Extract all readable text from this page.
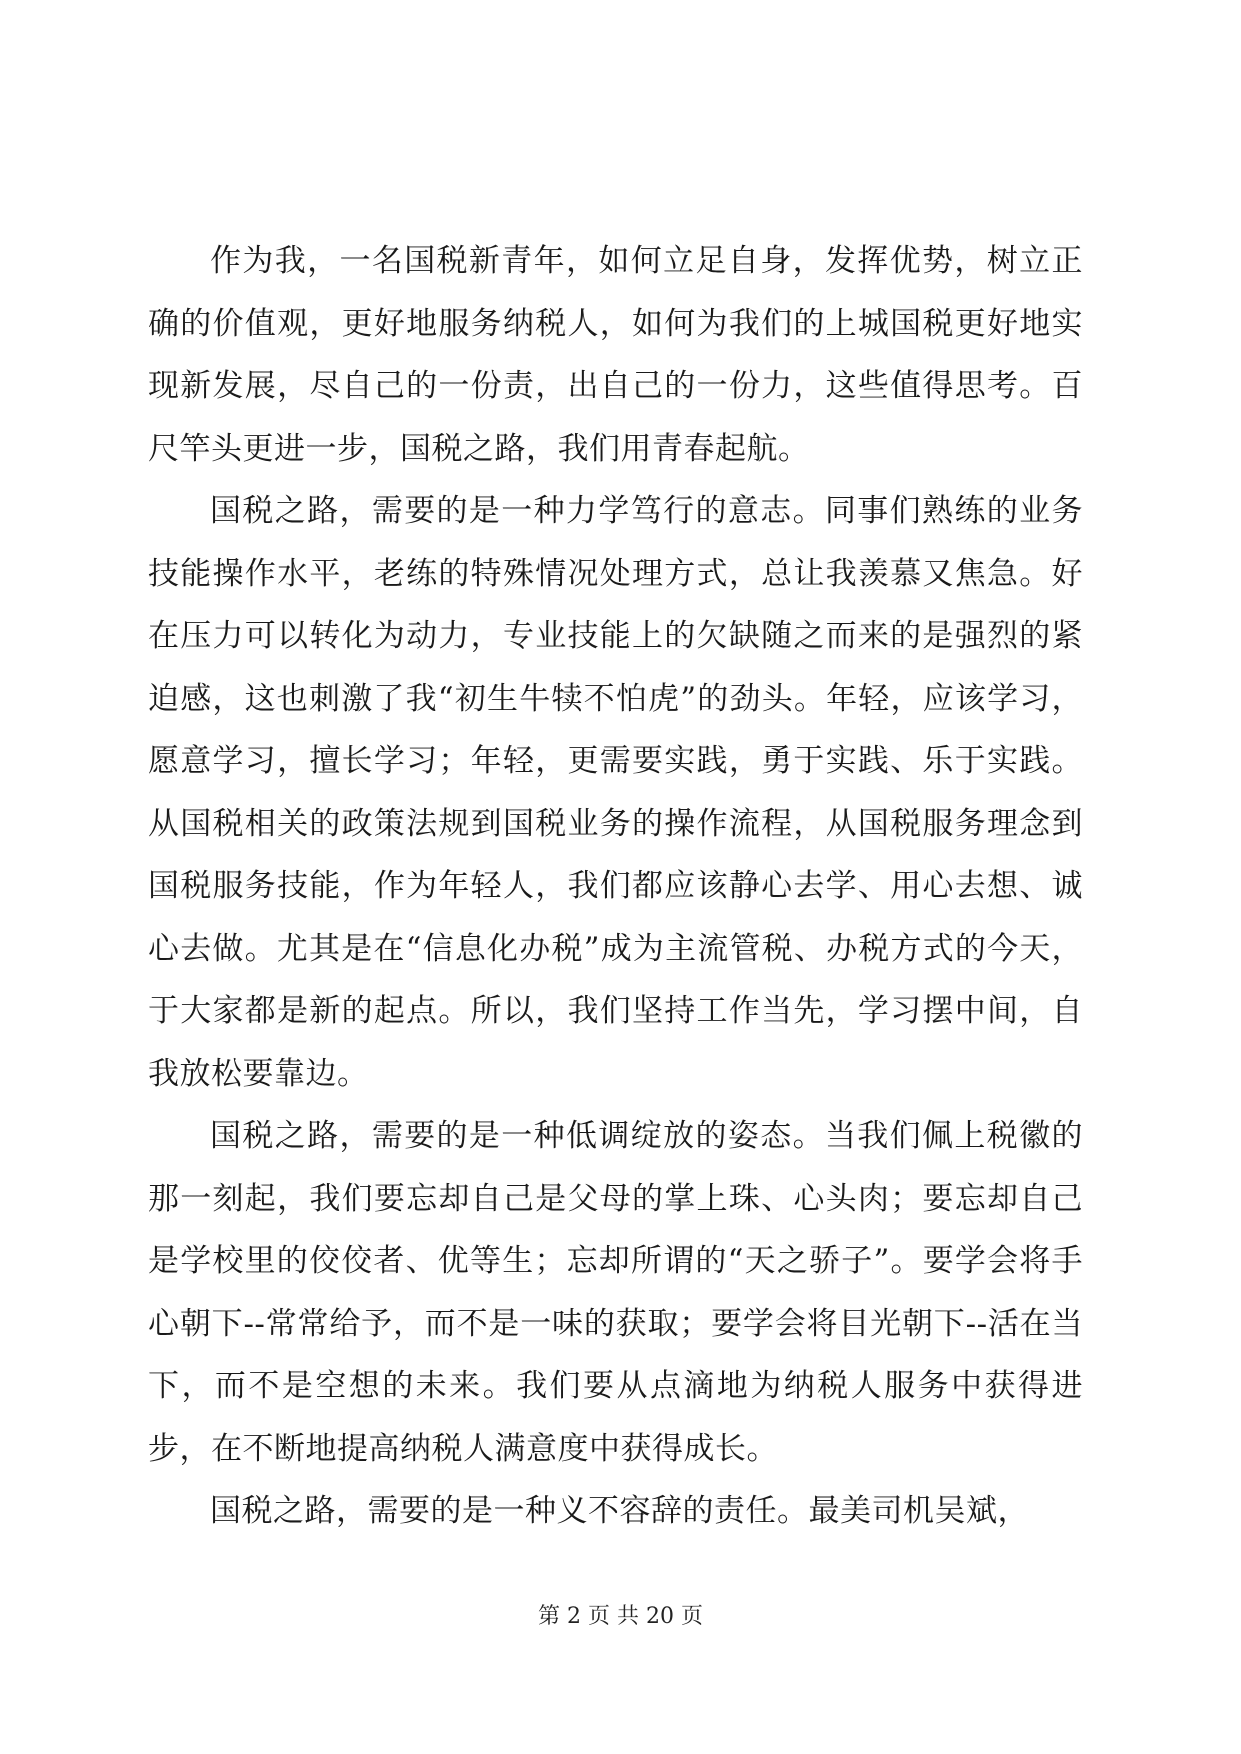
作为我，一名国税新青年，如何立足自身，发挥优势，树立正确的价值观，更好地服务纳税人，如何为我们的上城国税更好地实现新发展，尽自己的一份责，出自己的一份力，这些值得思考。百尺竿头更进一步，国税之路，我们用青春起航。

国税之路，需要的是一种力学笃行的意志。同事们熟练的业务技能操作水平，老练的特殊情况处理方式，总让我羡慕又焦急。好在压力可以转化为动力，专业技能上的欠缺随之而来的是强烈的紧迫感，这也刺激了我“初生牛犊不怕虎”的劲头。年轻，应该学习，愿意学习，擅长学习；年轻，更需要实践，勇于实践、乐于实践。从国税相关的政策法规到国税业务的操作流程，从国税服务理念到国税服务技能，作为年轻人，我们都应该静心去学、用心去想、诚心去做。尤其是在“信息化办税”成为主流管税、办税方式的今天，于大家都是新的起点。所以，我们坚持工作当先，学习摆中间，自我放松要靠边。

国税之路，需要的是一种低调绽放的姿态。当我们佩上税徽的那一刻起，我们要忘却自己是父母的掌上珠、心头肉；要忘却自己是学校里的佼佼者、优等生；忘却所谓的“天之骄子”。要学会将手心朝下--常常给予，而不是一味的获取；要学会将目光朝下--活在当下，而不是空想的未来。我们要从点滴地为纳税人服务中获得进步，在不断地提高纳税人满意度中获得成长。

国税之路，需要的是一种义不容辞的责任。最美司机吴斌，

第 2 页 共 20 页
